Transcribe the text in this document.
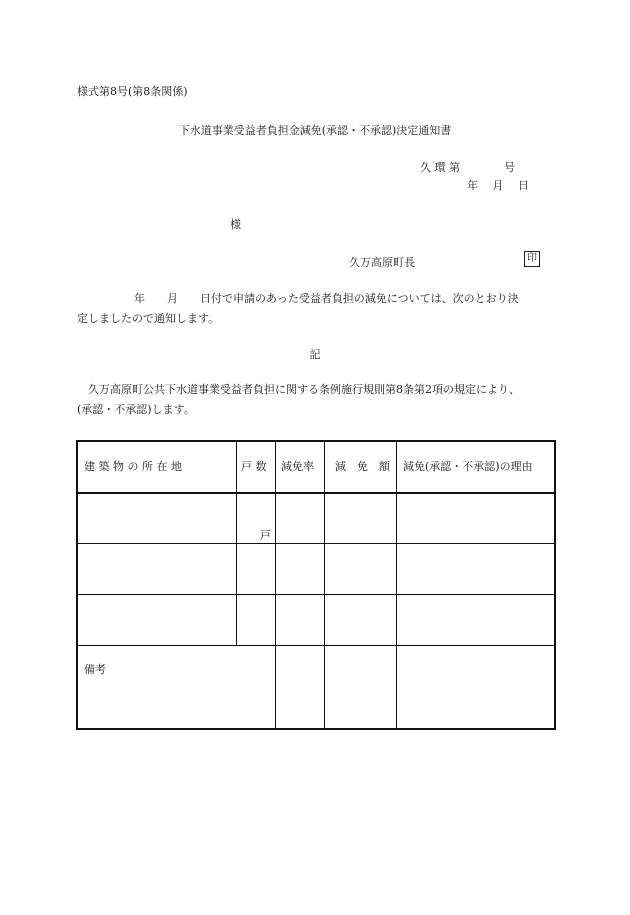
様式第8号(第8条関係)
下水道事業受益者負担金減免(承認・不承認)決定通知書
久 環 第　　　　号
年　 月　 日
様
久万高原町長	印
年　　月　　日付で申請のあった受益者負担の減免については、次のとおり決
定しましたので通知します。
記
久万高原町公共下水道事業受益者負担に関する条例施行規則第8条第2項の規定により、
(承認・不承認)します。
建 築 物 の 所 在 地	戸 数 減免率 減　免　額 減免(承認・不承認)の理由
戸
備考
